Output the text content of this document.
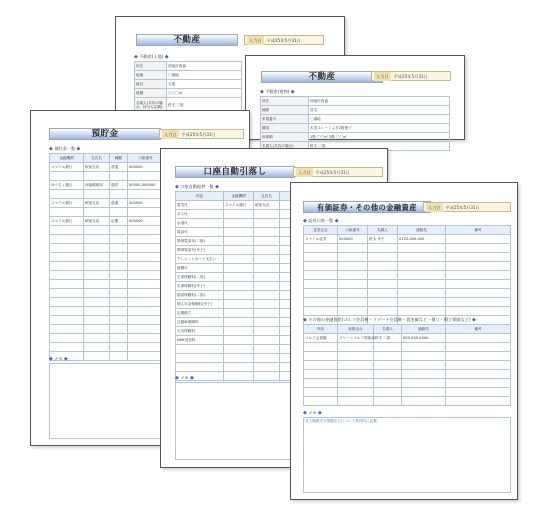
不動産	入力日 平成25年5月31日
◆ 不動産(土地) ◆
所在	西福市西福
地番	〇番地
地目	宅地
地積	〇〇〇㎡
名義人(共有の場合、持分も記載)	鈴木 二郎
不動産	入力日 平成25年5月31日
◆ 不動産(建物) ◆
所在	西福市西福
種類	居宅
家屋番号	〇番地
構造	木造スレートぶき2階建て
床面積	1階 〇〇㎡ 2階 〇〇㎡
名義人(共有の場合)	鈴木 二郎
預貯金	入力日 平成25年5月31日
◆ 預貯金一覧 ◆
金融機関	支店名	種類	口座番号	
スマイル銀行	駅前支店	普通	000000	

ゆうちょ銀行	西福郵便局	通常	00000-000000	

スマイル銀行	駅前支店	普通	000000	

スマイル銀行	駅前支店	定期	000000	

◆ メモ ◆
口座自動引落し	入力日 平成25年5月31日
◆ 口座自動振替一覧 ◆
内容	金融機関	支店名	
電気代	スマイル銀行	駅前支店	
ガス代			
水道代			
電話代			
携帯電話代(二郎)			
携帯電話代(幸子)			
クレジットカード支払い			
新聞代			
生命保険料(二郎)			
生命保険料(幸子)			
損害保険料(二郎)			
個人年金保険料(幸子)			
定期積立			
自動車保険料			
火災保険料			
NHK受信料			

◆ メモ ◆
有価証券・その他の金融資産	入力日 平成25年5月31日
◆ 証券口座一覧 ◆
証券会社	口座番号	名義人	連絡先	備考
スマイル証券	000000	鈴木 幸子	0120-000-000	

◆ その他の金融資産(ゴルフ会員権・リゾート会員権・貴金属など・積立・積立保険など) ◆
内容	取扱会社	名義人	連絡先	備考
ゴルフ会員権	グリーンゴルフ倶楽部	鈴木 二郎	000-000-0000	

◆ メモ ◆
非上場株式や国債などについて具体的に記載
